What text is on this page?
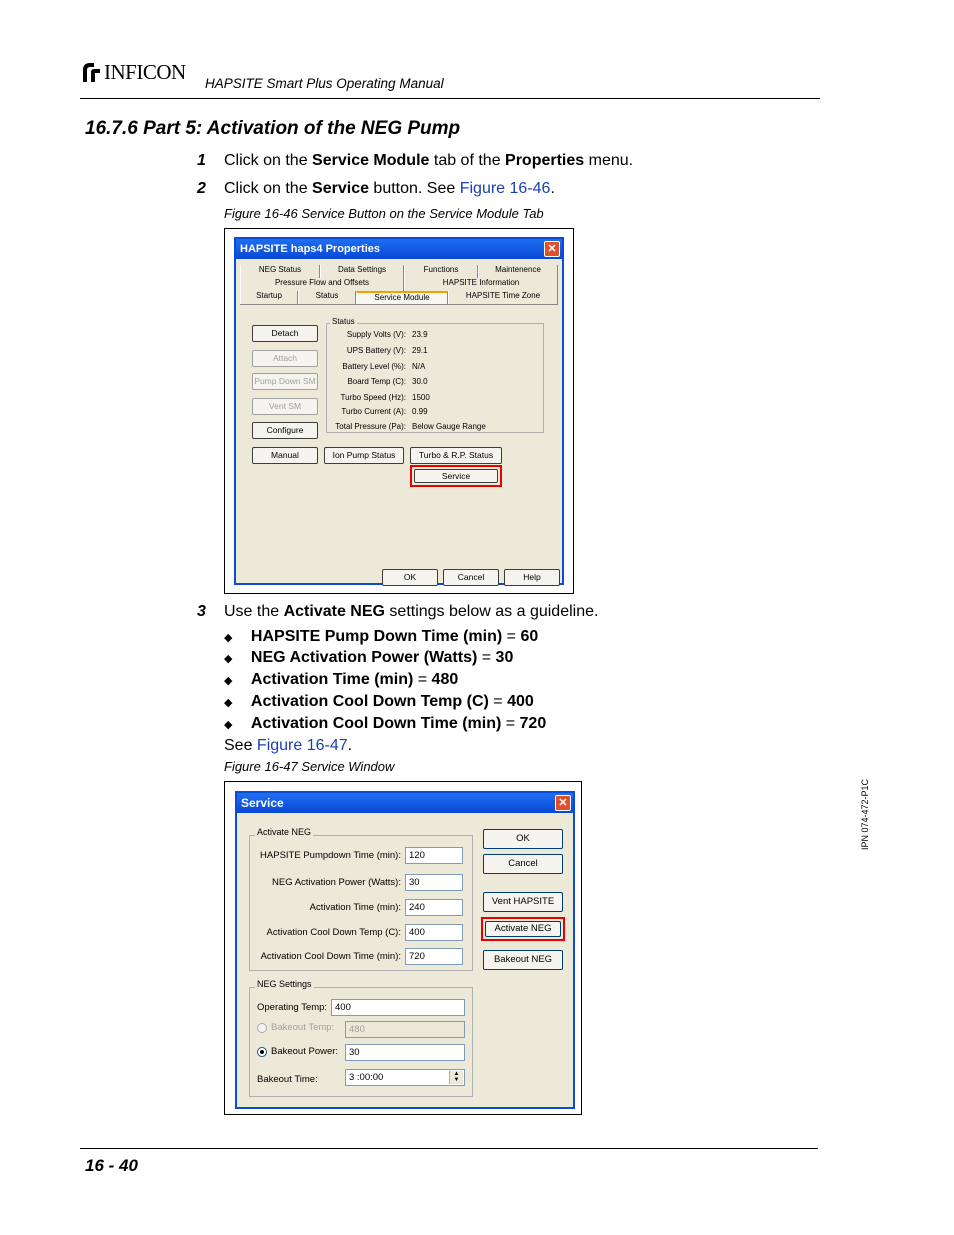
INFICON HAPSITE Smart Plus Operating Manual
16.7.6 Part 5: Activation of the NEG Pump
1 Click on the Service Module tab of the Properties menu.
2 Click on the Service button. See Figure 16-46.
Figure 16-46 Service Button on the Service Module Tab
HAPSITE haps4 Properties	✕
NEG Status	Data Settings	Functions	Maintenence
Pressure Flow and Offsets	HAPSITE Information
Startup	Status	Service Module	HAPSITE Time Zone
Detach
Attach
Pump Down SM
Vent SM
Configure
Status
Supply Volts (V): 23.9
UPS Battery (V): 29.1
Battery Level (%): N/A
Board Temp (C): 30.0
Turbo Speed (Hz): 1500
Turbo Current (A): 0.99
Total Pressure (Pa): Below Gauge Range
Manual	Ion Pump Status	Turbo & R.P. Status
Service
OK	Cancel	Help
3 Use the Activate NEG settings below as a guideline.
◆ HAPSITE Pump Down Time (min) = 60
◆ NEG Activation Power (Watts) = 30
◆ Activation Time (min) = 480
◆ Activation Cool Down Temp (C) = 400
◆ Activation Cool Down Time (min) = 720
See Figure 16-47.
Figure 16-47 Service Window
Service	✕
Activate NEG
HAPSITE Pumpdown Time (min): 120
NEG Activation Power (Watts): 30
Activation Time (min): 240
Activation Cool Down Temp (C): 400
Activation Cool Down Time (min): 720
NEG Settings
Operating Temp: 400
Bakeout Temp:	480
Bakeout Power:	30
Bakeout Time:	3 :00:00	▲
▼
OK
Cancel
Vent HAPSITE
Activate NEG
Bakeout NEG
IPN 074-472-P1C
16 - 40
